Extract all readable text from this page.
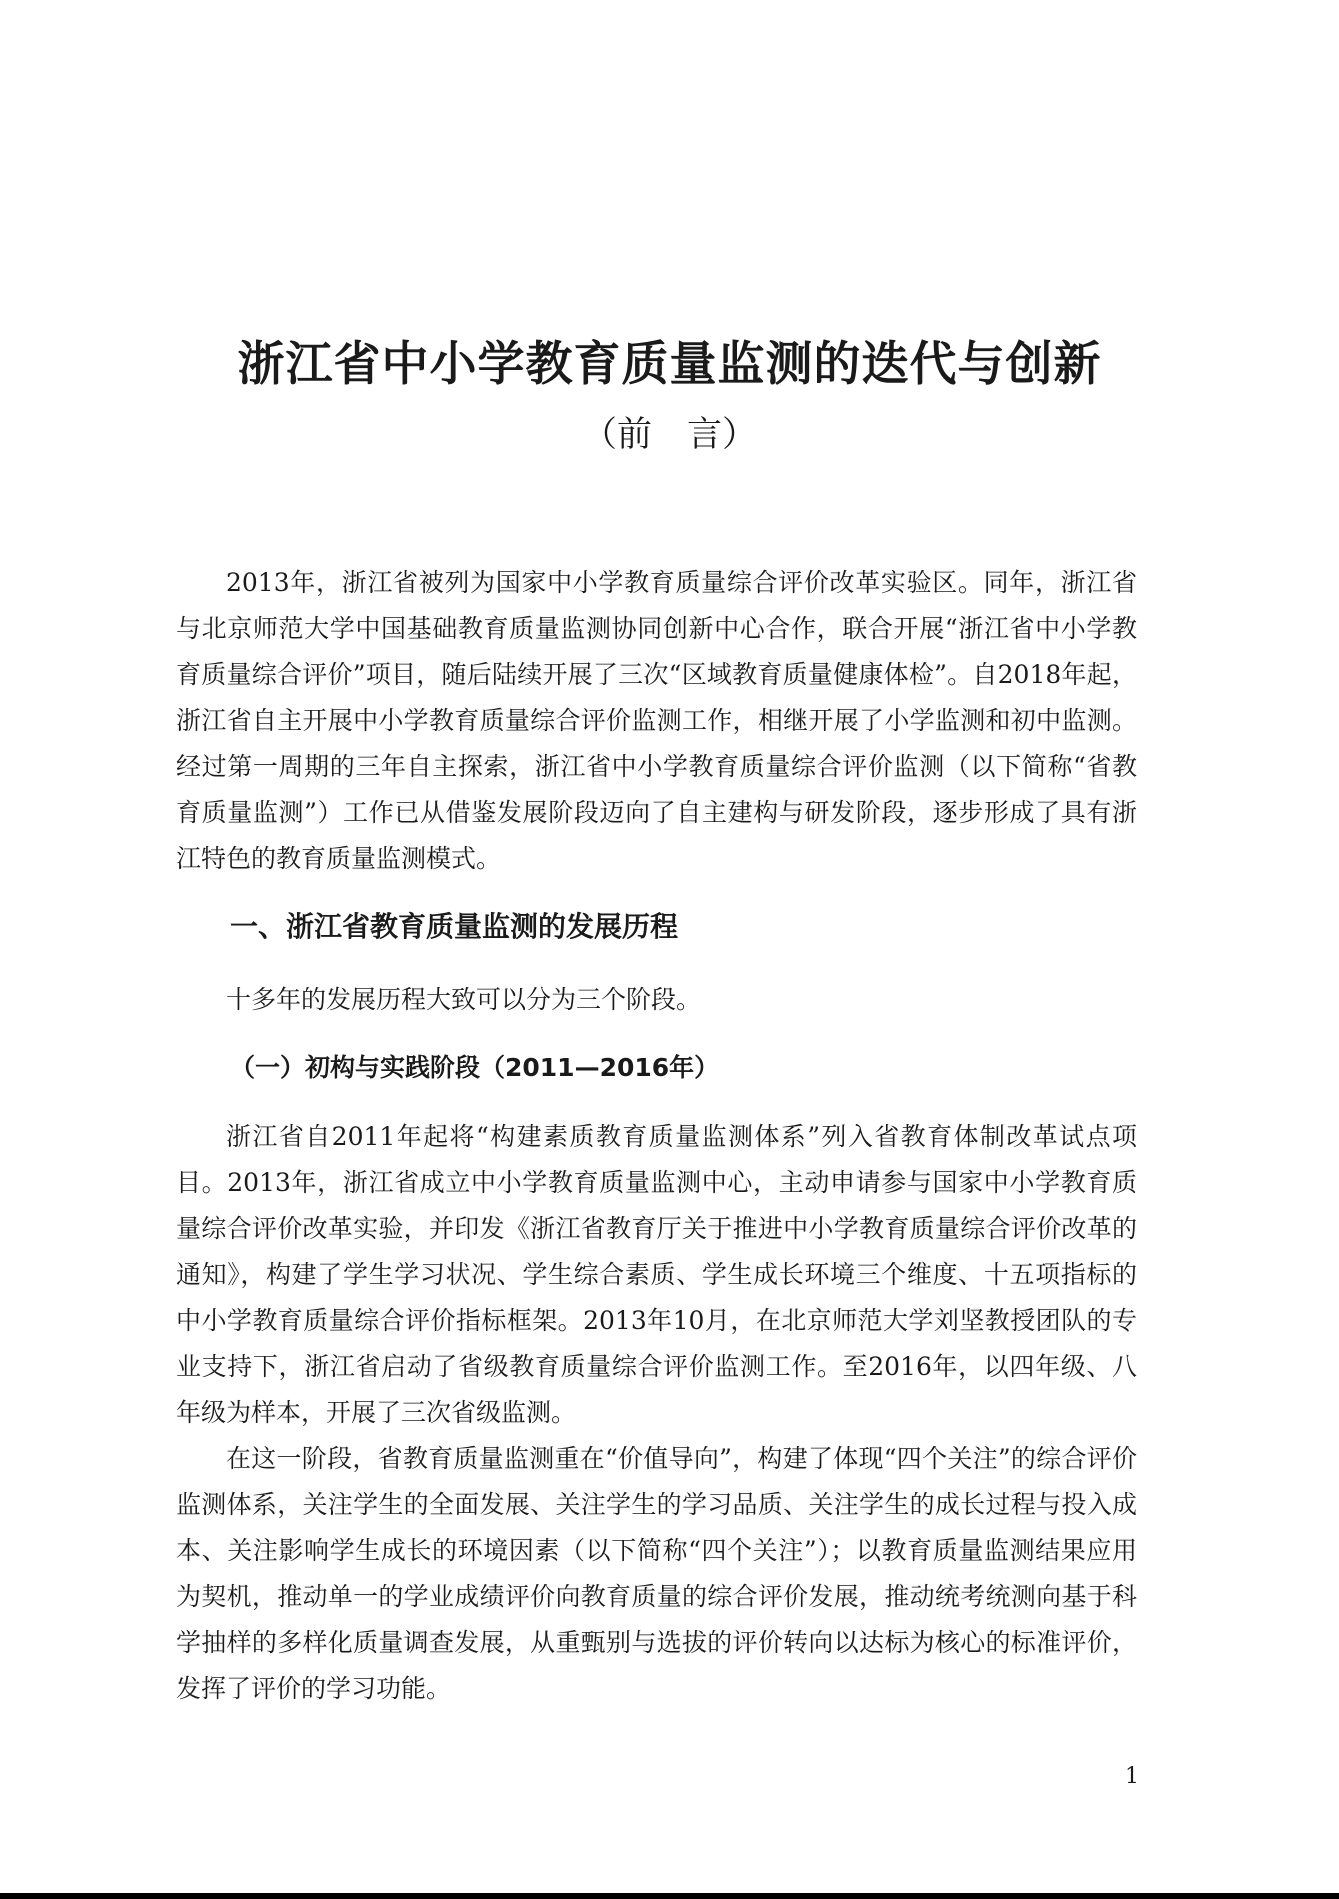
浙江省中小学教育质量监测的迭代与创新
（前　言）

2013年，浙江省被列为国家中小学教育质量综合评价改革实验区。同年，浙江省与北京师范大学中国基础教育质量监测协同创新中心合作，联合开展“浙江省中小学教育质量综合评价”项目，随后陆续开展了三次“区域教育质量健康体检”。自2018年起，浙江省自主开展中小学教育质量综合评价监测工作，相继开展了小学监测和初中监测。经过第一周期的三年自主探索，浙江省中小学教育质量综合评价监测（以下简称“省教育质量监测”）工作已从借鉴发展阶段迈向了自主建构与研发阶段，逐步形成了具有浙江特色的教育质量监测模式。

一、浙江省教育质量监测的发展历程

十多年的发展历程大致可以分为三个阶段。

（一）初构与实践阶段（2011—2016年）

浙江省自2011年起将“构建素质教育质量监测体系”列入省教育体制改革试点项目。2013年，浙江省成立中小学教育质量监测中心，主动申请参与国家中小学教育质量综合评价改革实验，并印发《浙江省教育厅关于推进中小学教育质量综合评价改革的通知》，构建了学生学习状况、学生综合素质、学生成长环境三个维度、十五项指标的中小学教育质量综合评价指标框架。2013年10月，在北京师范大学刘坚教授团队的专业支持下，浙江省启动了省级教育质量综合评价监测工作。至2016年，以四年级、八年级为样本，开展了三次省级监测。

在这一阶段，省教育质量监测重在“价值导向”，构建了体现“四个关注”的综合评价监测体系，关注学生的全面发展、关注学生的学习品质、关注学生的成长过程与投入成本、关注影响学生成长的环境因素（以下简称“四个关注”）；以教育质量监测结果应用为契机，推动单一的学业成绩评价向教育质量的综合评价发展，推动统考统测向基于科学抽样的多样化质量调查发展，从重甄别与选拔的评价转向以达标为核心的标准评价，发挥了评价的学习功能。

1
